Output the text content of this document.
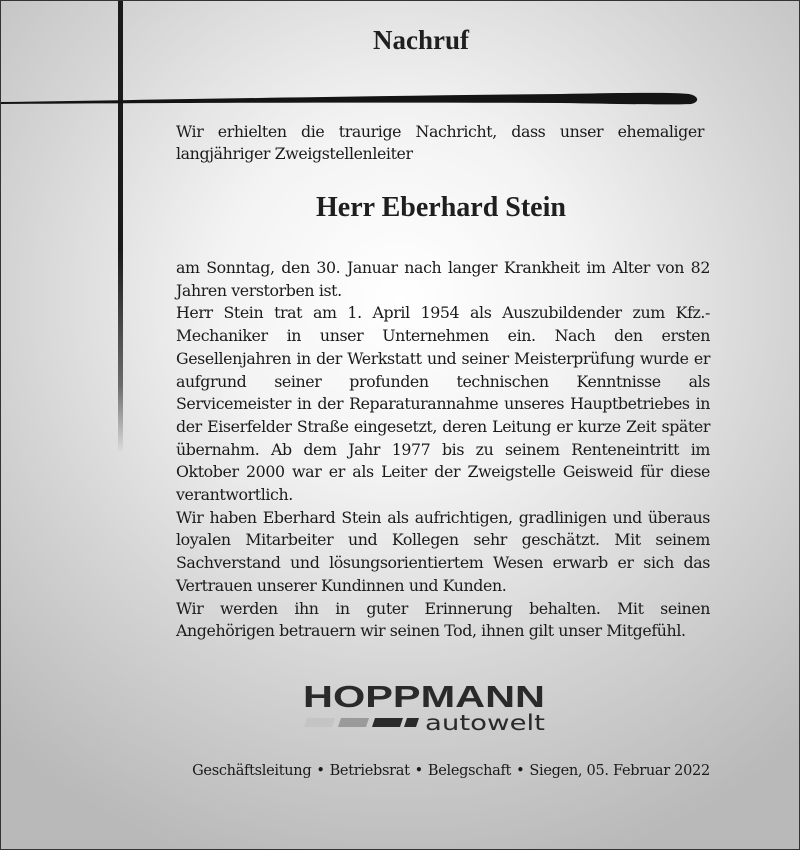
Nachruf

Wir erhielten die traurige Nachricht, dass unser ehemaliger

langjähriger Zweigstellenleiter

Herr Eberhard Stein

am Sonntag, den 30. Januar nach langer Krankheit im Alter von 82 Jahren verstorben ist.

Herr Stein trat am 1. April 1954 als Auszubildender zum Kfz.-Mechaniker in unser Unternehmen ein. Nach den ersten Gesellenjahren in der Werkstatt und seiner Meisterprüfung wurde er aufgrund seiner profunden technischen Kenntnisse als Servicemeister in der Reparaturannahme unseres Hauptbetriebes in der Eiserfelder Straße eingesetzt, deren Leitung er kurze Zeit später übernahm. Ab dem Jahr 1977 bis zu seinem Renteneintritt im Oktober 2000 war er als Leiter der Zweigstelle Geisweid für diese verantwortlich.

Wir haben Eberhard Stein als aufrichtigen, gradlinigen und überaus loyalen Mitarbeiter und Kollegen sehr geschätzt. Mit seinem Sachverstand und lösungsorientiertem Wesen erwarb er sich das Vertrauen unserer Kundinnen und Kunden.

Wir werden ihn in guter Erinnerung behalten. Mit seinen Angehörigen betrauern wir seinen Tod, ihnen gilt unser Mitgefühl.

HOPPMANN
autowelt
Geschäftsleitung • Betriebsrat • Belegschaft • Siegen, 05. Februar 2022
